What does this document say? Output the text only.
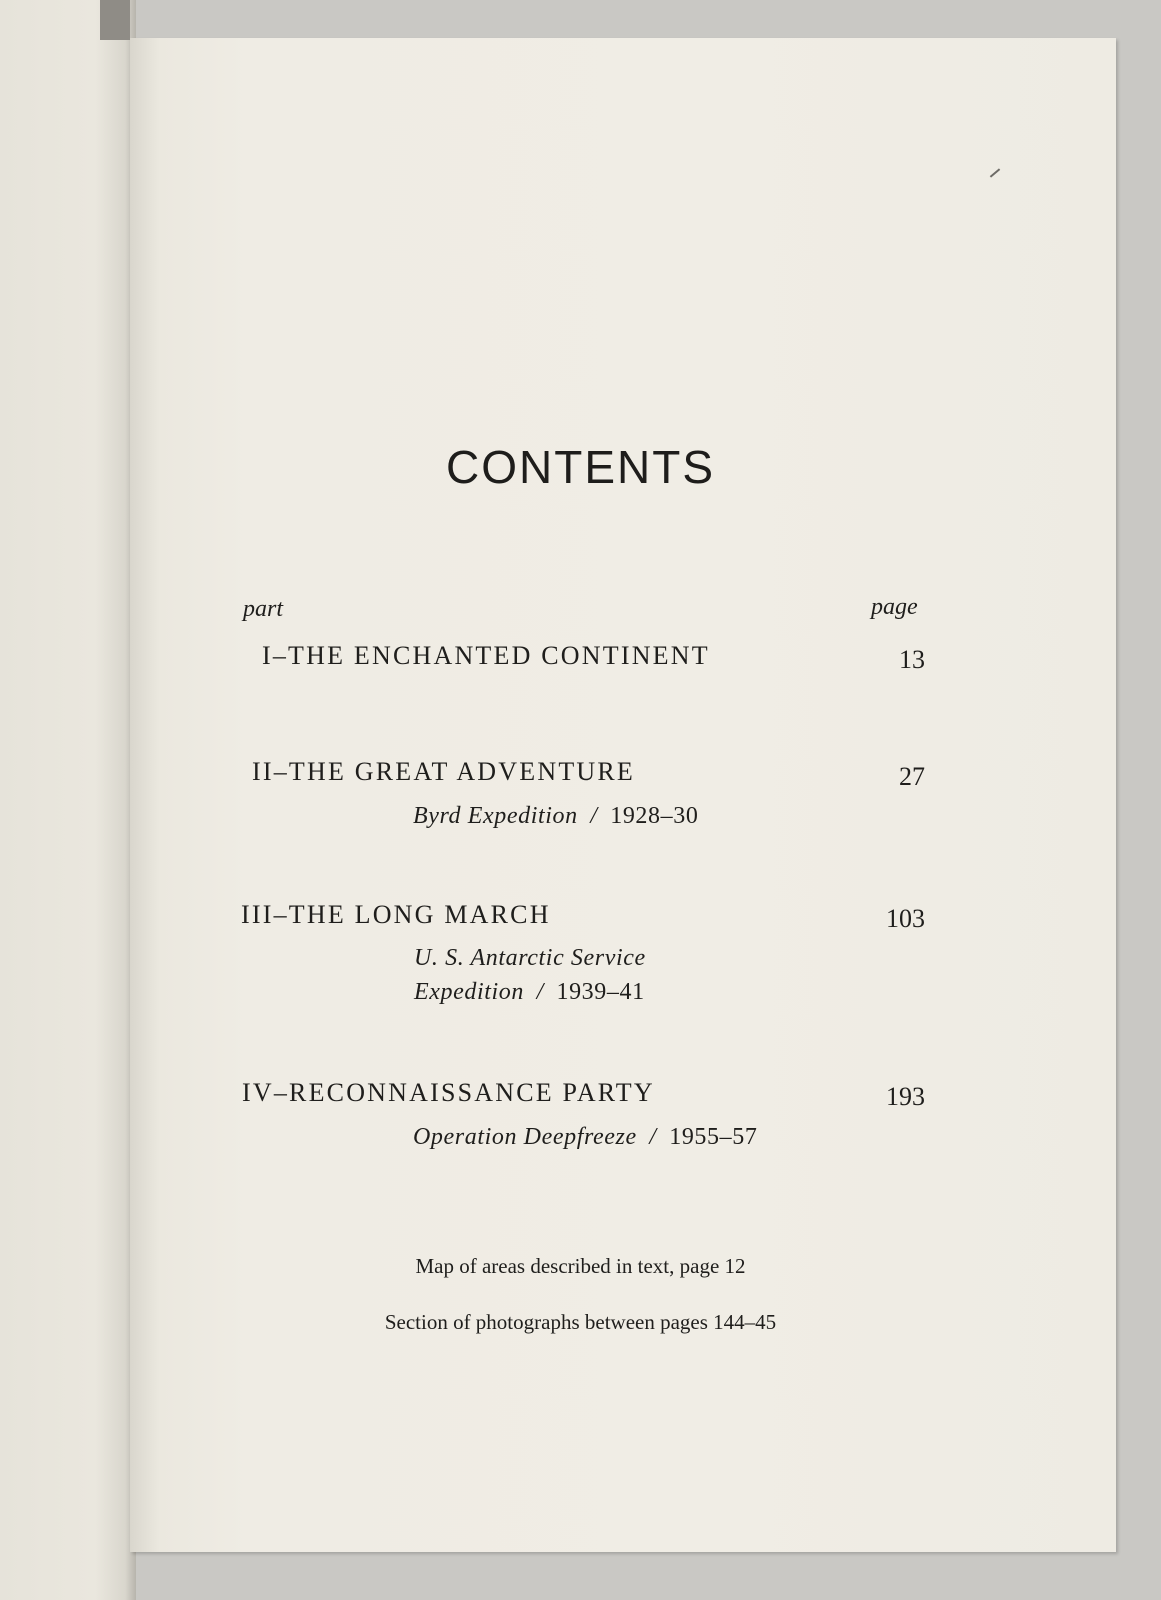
CONTENTS
part	page
I–THE ENCHANTED CONTINENT	13
II–THE GREAT ADVENTURE	27
Byrd Expedition / 1928–30
III–THE LONG MARCH	103
U. S. Antarctic Service
Expedition / 1939–41
IV–RECONNAISSANCE PARTY	193
Operation Deepfreeze / 1955–57
Map of areas described in text, page 12
Section of photographs between pages 144–45
